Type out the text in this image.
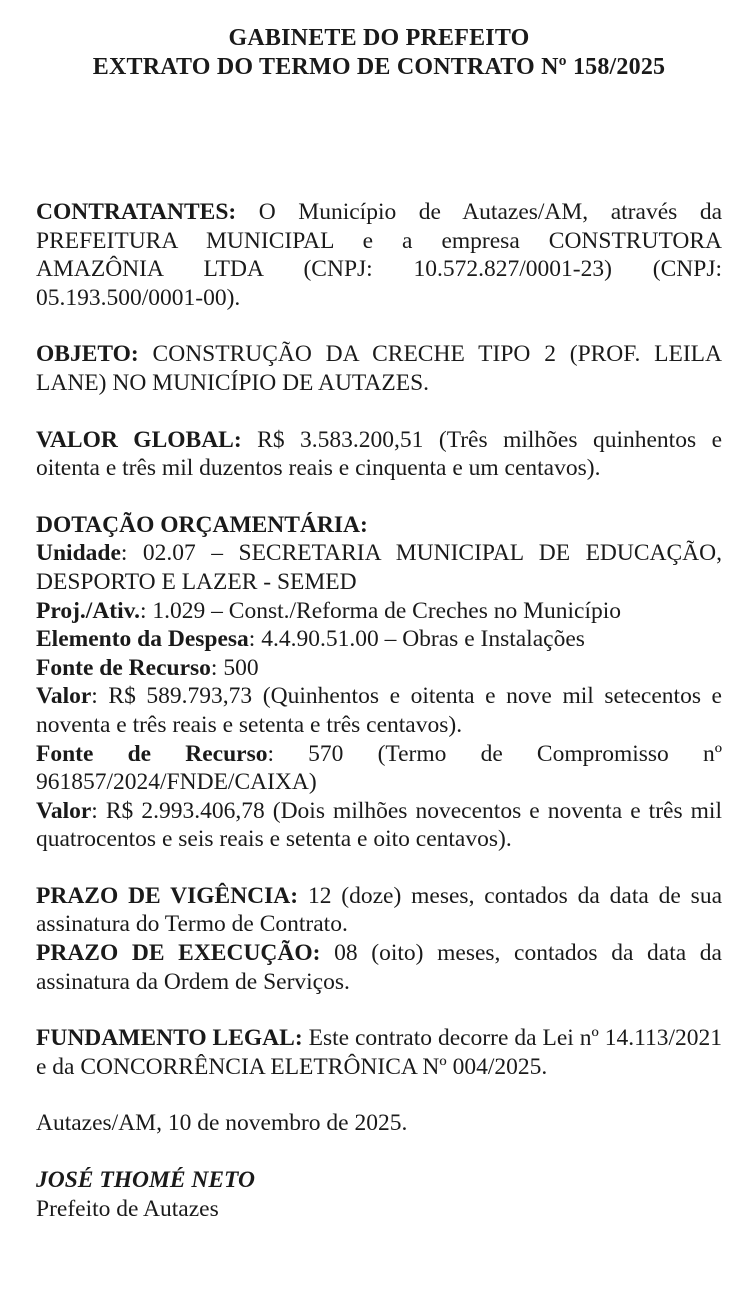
GABINETE DO PREFEITO
EXTRATO DO TERMO DE CONTRATO Nº 158/2025

CONTRATANTES: O Município de Autazes/AM, através da PREFEITURA MUNICIPAL e a empresa CONSTRUTORA AMAZÔNIA LTDA (CNPJ: 10.572.827/0001-23) (CNPJ: 05.193.500/0001-00).

OBJETO: CONSTRUÇÃO DA CRECHE TIPO 2 (PROF. LEILA LANE) NO MUNICÍPIO DE AUTAZES.

VALOR GLOBAL: R$ 3.583.200,51 (Três milhões quinhentos e oitenta e três mil duzentos reais e cinquenta e um centavos).

DOTAÇÃO ORÇAMENTÁRIA:

Unidade: 02.07 – SECRETARIA MUNICIPAL DE EDUCAÇÃO, DESPORTO E LAZER - SEMED

Proj./Ativ.: 1.029 – Const./Reforma de Creches no Município

Elemento da Despesa: 4.4.90.51.00 – Obras e Instalações

Fonte de Recurso: 500

Valor: R$ 589.793,73 (Quinhentos e oitenta e nove mil setecentos e noventa e três reais e setenta e três centavos).

Fonte de Recurso: 570 (Termo de Compromisso nº 961857/2024/FNDE/CAIXA)

Valor: R$ 2.993.406,78 (Dois milhões novecentos e noventa e três mil quatrocentos e seis reais e setenta e oito centavos).

PRAZO DE VIGÊNCIA: 12 (doze) meses, contados da data de sua assinatura do Termo de Contrato.

PRAZO DE EXECUÇÃO: 08 (oito) meses, contados da data da assinatura da Ordem de Serviços.

FUNDAMENTO LEGAL: Este contrato decorre da Lei nº 14.113/2021 e da CONCORRÊNCIA ELETRÔNICA Nº 004/2025.

Autazes/AM, 10 de novembro de 2025.

JOSÉ THOMÉ NETO

Prefeito de Autazes
